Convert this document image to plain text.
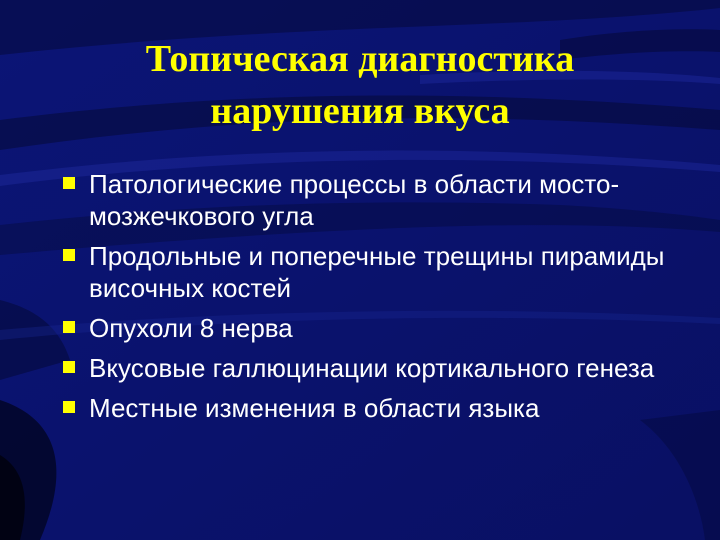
Топическая диагностика
нарушения вкуса
Патологические процессы в области мосто-мозжечкового угла
Продольные и поперечные трещины пирамиды височных костей
Опухоли 8 нерва
Вкусовые галлюцинации кортикального генеза
Местные изменения в области языка
